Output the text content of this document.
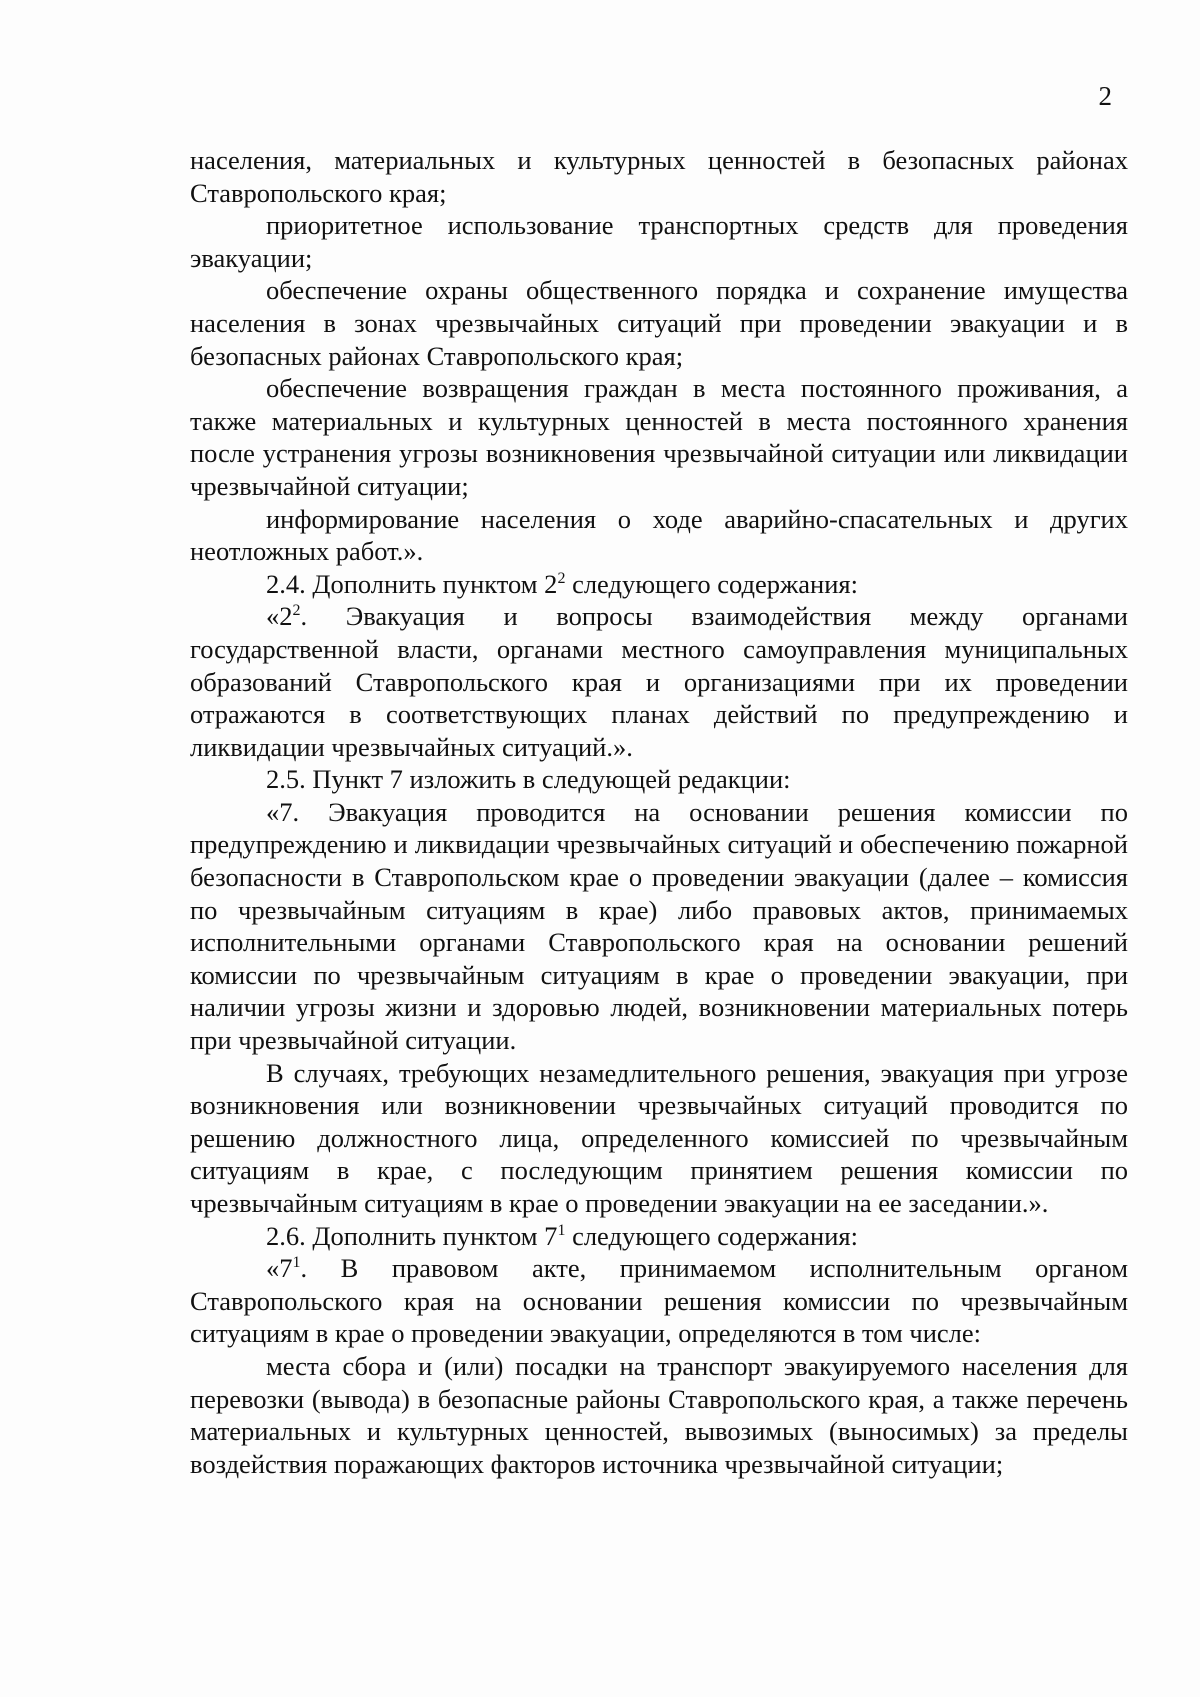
2

населения, материальных и культурных ценностей в безопасных районах Ставропольского края;

приоритетное использование транспортных средств для проведения эвакуации;

обеспечение охраны общественного порядка и сохранение имущества населения в зонах чрезвычайных ситуаций при проведении эвакуации и в безопасных районах Ставропольского края;

обеспечение возвращения граждан в места постоянного проживания, а также материальных и культурных ценностей в места постоянного хранения после устранения угрозы возникновения чрезвычайной ситуации или ликвидации чрезвычайной ситуации;

информирование населения о ходе аварийно-спасательных и других неотложных работ.».

2.4. Дополнить пунктом $2^2$ следующего содержания:

«$2^2$. Эвакуация и вопросы взаимодействия между органами государственной власти, органами местного самоуправления муниципальных образований Ставропольского края и организациями при их проведении отражаются в соответствующих планах действий по предупреждению и ликвидации чрезвычайных ситуаций.».

2.5. Пункт 7 изложить в следующей редакции:

«7. Эвакуация проводится на основании решения комиссии по предупреждению и ликвидации чрезвычайных ситуаций и обеспечению пожарной безопасности в Ставропольском крае о проведении эвакуации (далее – комиссия по чрезвычайным ситуациям в крае) либо правовых актов, принимаемых исполнительными органами Ставропольского края на основании решений комиссии по чрезвычайным ситуациям в крае о проведении эвакуации, при наличии угрозы жизни и здоровью людей, возникновении материальных потерь при чрезвычайной ситуации.

В случаях, требующих незамедлительного решения, эвакуация при угрозе возникновения или возникновении чрезвычайных ситуаций проводится по решению должностного лица, определенного комиссией по чрезвычайным ситуациям в крае, с последующим принятием решения комиссии по чрезвычайным ситуациям в крае о проведении эвакуации на ее заседании.».

2.6. Дополнить пунктом $7^1$ следующего содержания:

«$7^1$. В правовом акте, принимаемом исполнительным органом Ставропольского края на основании решения комиссии по чрезвычайным ситуациям в крае о проведении эвакуации, определяются в том числе:

места сбора и (или) посадки на транспорт эвакуируемого населения для перевозки (вывода) в безопасные районы Ставропольского края, а также перечень материальных и культурных ценностей, вывозимых (выносимых) за пределы воздействия поражающих факторов источника чрезвычайной ситуации;
